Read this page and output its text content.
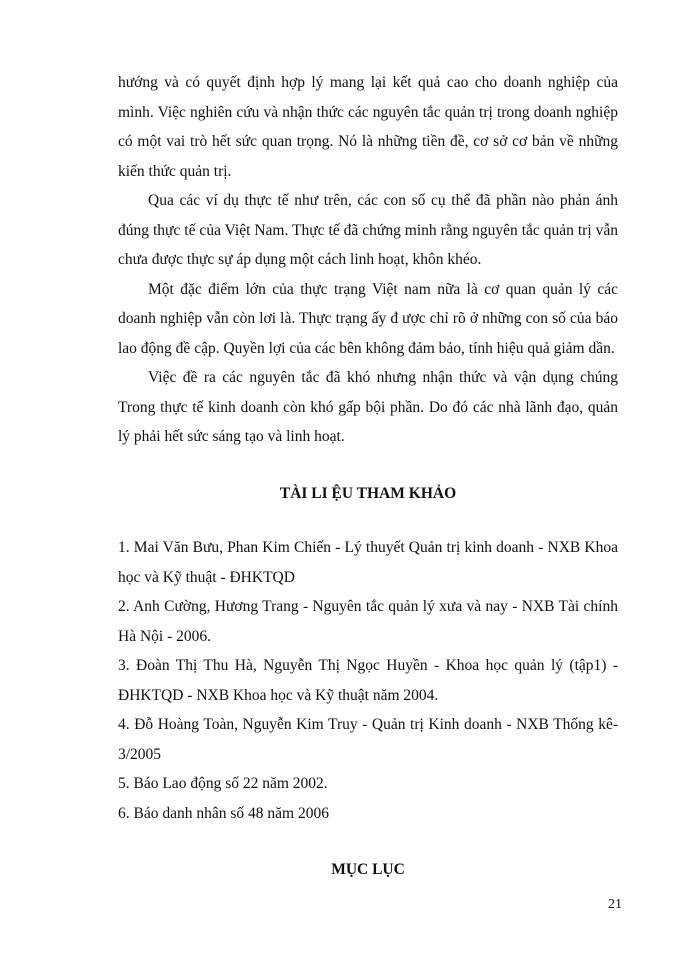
hướng và có quyết định hợp lý mang lại kết quả cao cho doanh nghiệp của mình. Việc nghiên cứu và nhận thức các nguyên tắc quản trị trong doanh nghiệp có một vai trò hết sức quan trọng. Nó là những tiền đề, cơ sở cơ bản về những kiến thức quản trị.

Qua các ví dụ thực tế như trên, các con số cụ thể đã phần nào phản ánh đúng thực tế của Việt Nam. Thực tế đã chứng minh rằng nguyên tắc quản trị vẫn chưa được thực sự áp dụng một cách linh hoạt, khôn khéo.

Một đặc điểm lớn của thực trạng Việt nam nữa là cơ quan quản lý các doanh nghiệp vẫn còn lơi là. Thực trạng ấy đ ược chỉ rõ ở những con số của báo lao động đề cập. Quyền lợi của các bên không đảm bảo, tính hiệu quả giảm dần.

Việc đề ra các nguyên tắc đã khó nhưng nhận thức và vận dụng chúng Trong thực tế kinh doanh còn khó gấp bội phần. Do đó các nhà lãnh đạo, quản lý phải hết sức sáng tạo và linh hoạt.

TÀI LI ỆU THAM KHẢO
1. Mai Văn Bưu, Phan Kim Chiến - Lý thuyết Quản trị kinh doanh - NXB Khoa học và Kỹ thuật - ĐHKTQD
2. Anh Cường, Hương Trang - Nguyên tắc quản lý xưa và nay - NXB Tài chính Hà Nội - 2006.
3. Đoàn Thị Thu Hà, Nguyễn Thị Ngọc Huyền - Khoa học quản lý (tập1) - ĐHKTQD - NXB Khoa học và Kỹ thuật năm 2004.
4. Đỗ Hoàng Toàn, Nguyễn Kim Truy - Quản trị Kinh doanh - NXB Thống kê- 3/2005
5. Báo Lao động số 22 năm 2002.
6. Báo danh nhân số 48 năm 2006
MỤC LỤC
21
